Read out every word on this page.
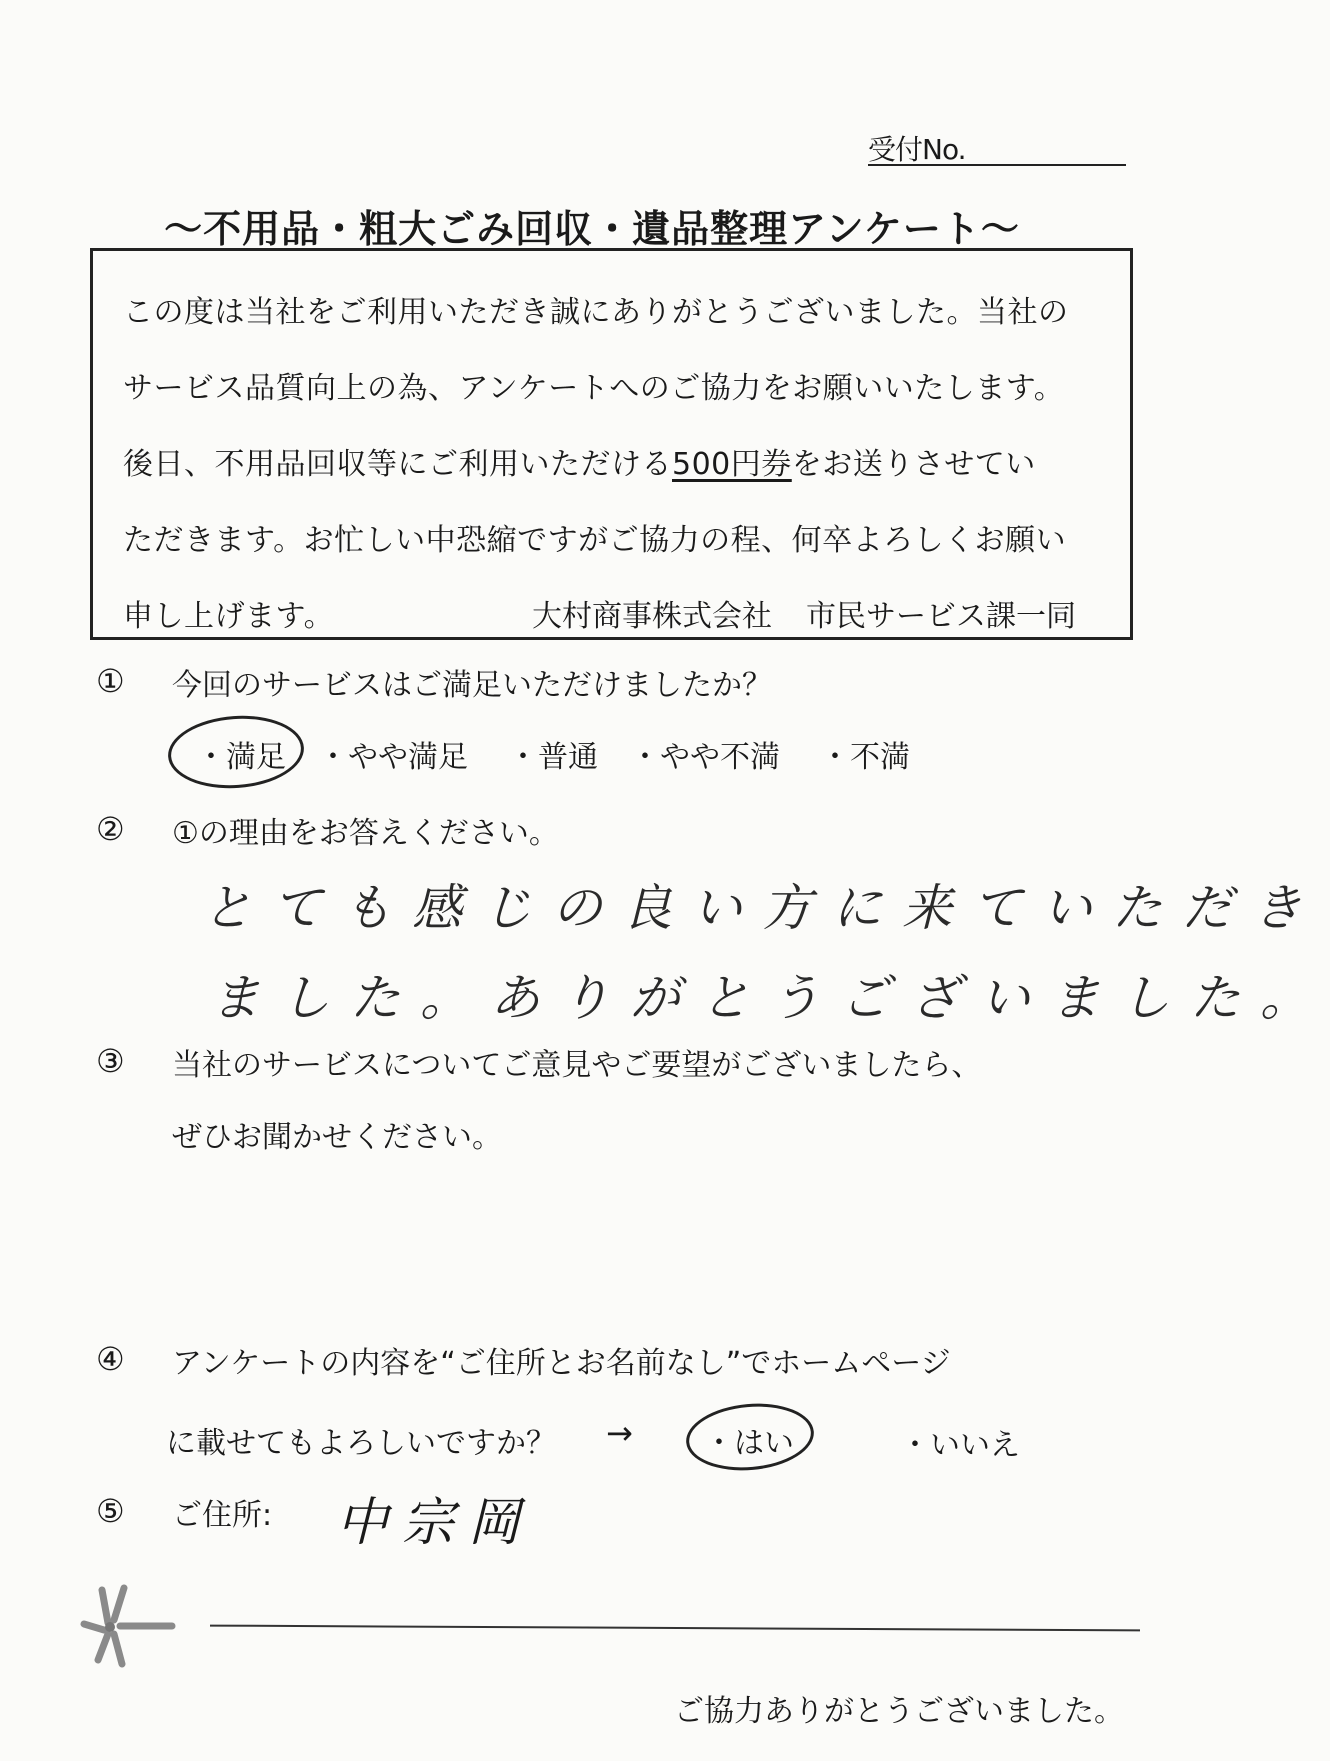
受付No.
～不用品・粗大ごみ回収・遺品整理アンケート～
この度は当社をご利用いただき誠にありがとうございました。当社の
サービス品質向上の為、アンケートへのご協力をお願いいたします。
後日、不用品回収等にご利用いただける500円券をお送りさせてい
ただきます。お忙しい中恐縮ですがご協力の程、何卒よろしくお願い
申し上げます。	大村商事株式会社 市民サービス課一同
① 今回のサービスはご満足いただけましたか？
・満足 ・やや満足 ・普通 ・やや不満 ・不満
② ①の理由をお答えください。
とても感じの良い方に来ていただき
ました。ありがとうございました。
③ 当社のサービスについてご意見やご要望がございましたら、
ぜひお聞かせください。
④ アンケートの内容を“ご住所とお名前なし”でホームページ
に載せてもよろしいですか？ → ・はい	・いいえ
⑤ ご住所: 中宗岡
ご協力ありがとうございました。
